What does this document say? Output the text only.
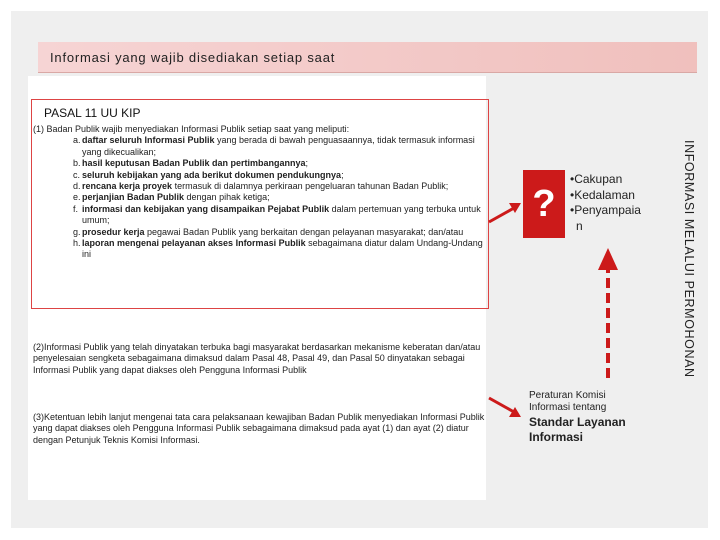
Informasi yang wajib disediakan setiap saat
PASAL 11 UU KIP

(1) Badan Publik wajib menyediakan Informasi Publik setiap saat yang meliputi:

a. daftar seluruh Informasi Publik yang berada di bawah penguasaannya, tidak termasuk informasi yang dikecualikan;

b. hasil keputusan Badan Publik dan pertimbangannya;

c. seluruh kebijakan yang ada berikut dokumen pendukungnya;

d. rencana kerja proyek termasuk di dalamnya perkiraan pengeluaran tahunan Badan Publik;

e. perjanjian Badan Publik dengan pihak ketiga;

f. informasi dan kebijakan yang disampaikan Pejabat Publik dalam pertemuan yang terbuka untuk umum;

g. prosedur kerja pegawai Badan Publik yang berkaitan dengan pelayanan masyarakat; dan/atau

h. laporan mengenai pelayanan akses Informasi Publik sebagaimana diatur dalam Undang-Undang ini

(2)Informasi Publik yang telah dinyatakan terbuka bagi masyarakat berdasarkan mekanisme keberatan dan/atau penyelesaian sengketa sebagaimana dimaksud dalam Pasal 48, Pasal 49, dan Pasal 50 dinyatakan sebagai Informasi Publik yang dapat diakses oleh Pengguna Informasi Publik

(3)Ketentuan lebih lanjut mengenai tata cara pelaksanaan kewajiban Badan Publik menyediakan Informasi Publik yang dapat diakses oleh Pengguna Informasi Publik sebagaimana dimaksud pada ayat (1) dan ayat (2) diatur dengan Petunjuk Teknis Komisi Informasi.

?
•Cakupan
•Kedalaman
•Penyampaia
n	INFORMASI MELALUI PERMOHONAN
Peraturan Komisi
Informasi tentang
Standar Layanan
Informasi
